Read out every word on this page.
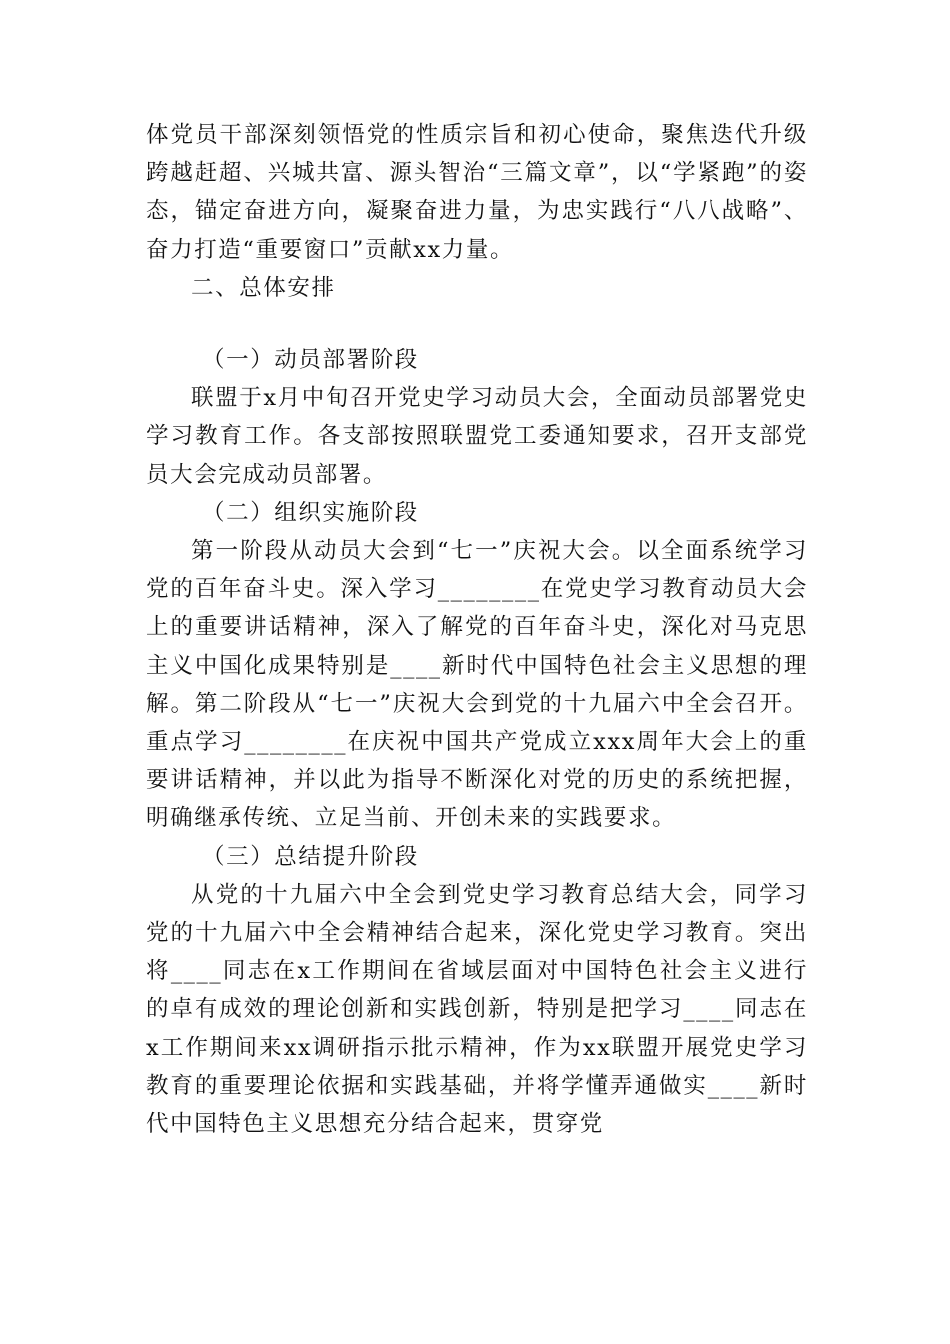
体党员干部深刻领悟党的性质宗旨和初心使命，聚焦迭代升级跨越赶超、兴城共富、源头智治“三篇文章”，以“学紧跑”的姿态，锚定奋进方向，凝聚奋进力量，为忠实践行“八八战略”、奋力打造“重要窗口”贡献xx力量。

二、总体安排

（一）动员部署阶段

联盟于x月中旬召开党史学习动员大会，全面动员部署党史学习教育工作。各支部按照联盟党工委通知要求，召开支部党员大会完成动员部署。

（二）组织实施阶段

第一阶段从动员大会到“七一”庆祝大会。以全面系统学习党的百年奋斗史。深入学习________在党史学习教育动员大会上的重要讲话精神，深入了解党的百年奋斗史，深化对马克思主义中国化成果特别是____新时代中国特色社会主义思想的理解。第二阶段从“七一”庆祝大会到党的十九届六中全会召开。重点学习________在庆祝中国共产党成立xxx周年大会上的重要讲话精神，并以此为指导不断深化对党的历史的系统把握，明确继承传统、立足当前、开创未来的实践要求。

（三）总结提升阶段

从党的十九届六中全会到党史学习教育总结大会，同学习党的十九届六中全会精神结合起来，深化党史学习教育。突出将____同志在x工作期间在省域层面对中国特色社会主义进行的卓有成效的理论创新和实践创新，特别是把学习____同志在x工作期间来xx调研指示批示精神，作为xx联盟开展党史学习教育的重要理论依据和实践基础，并将学懂弄通做实____新时代中国特色主义思想充分结合起来，贯穿党
